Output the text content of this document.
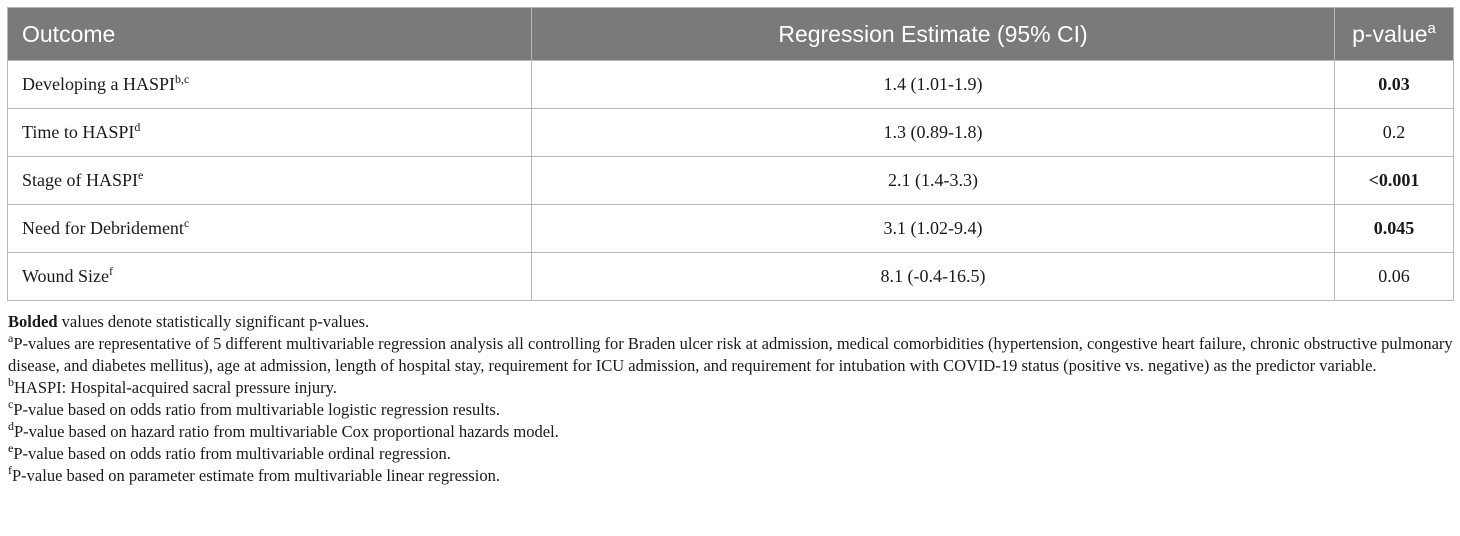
Outcome	Regression Estimate (95% CI)	p-value$^a$
Developing a HASPI$^{b,c}$	1.4 (1.01-1.9)	0.03
Time to HASPI$^d$	1.3 (0.89-1.8)	0.2
Stage of HASPI$^e$	2.1 (1.4-3.3)	<0.001
Need for Debridement$^c$	3.1 (1.02-9.4)	0.045
Wound Size$^f$	8.1 (-0.4-16.5)	0.06

Bolded values denote statistically significant p-values.

$^a$P-values are representative of 5 different multivariable regression analysis all controlling for Braden ulcer risk at admission, medical comorbidities (hypertension, congestive heart failure, chronic obstructive pulmonary disease, and diabetes mellitus), age at admission, length of hospital stay, requirement for ICU admission, and requirement for intubation with COVID-19 status (positive vs. negative) as the predictor variable.

$^b$HASPI: Hospital-acquired sacral pressure injury.

$^c$P-value based on odds ratio from multivariable logistic regression results.

$^d$P-value based on hazard ratio from multivariable Cox proportional hazards model.

$^e$P-value based on odds ratio from multivariable ordinal regression.

$^f$P-value based on parameter estimate from multivariable linear regression.
